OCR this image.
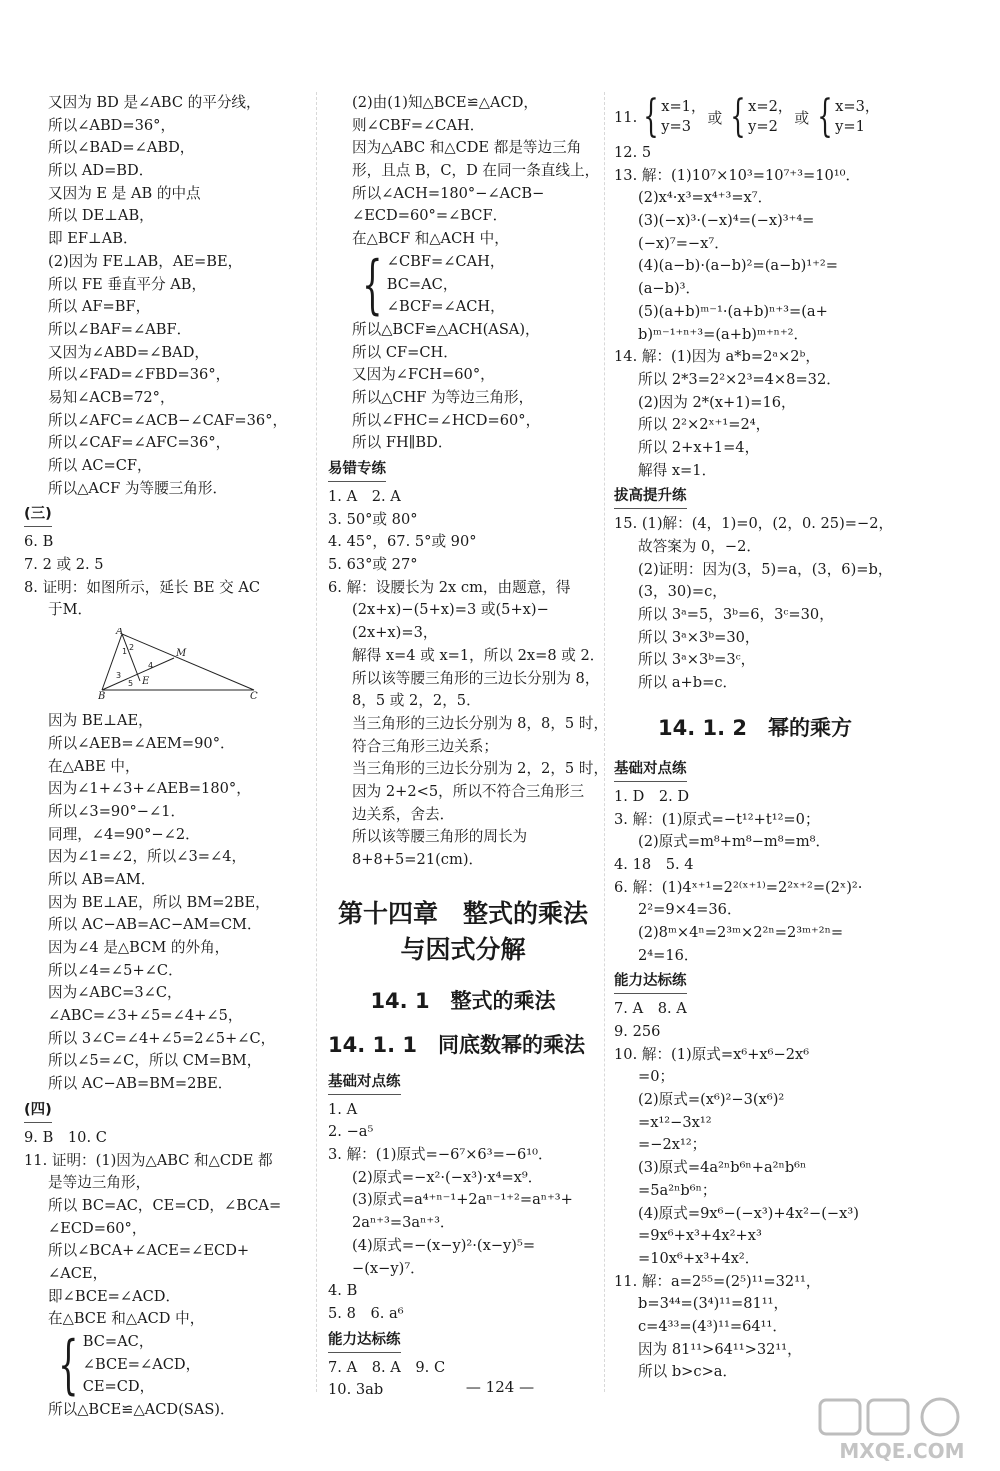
又因为 BD 是∠ABC 的平分线，
所以∠ABD=36°，
所以∠BAD=∠ABD，
所以 AD=BD．
又因为 E 是 AB 的中点
所以 DE⊥AB，
即 EF⊥AB．
(2)因为 FE⊥AB，AE=BE，
所以 FE 垂直平分 AB，
所以 AF=BF，
所以∠BAF=∠ABF．
又因为∠ABD=∠BAD，
所以∠FAD=∠FBD=36°，
易知∠ACB=72°，
所以∠AFC=∠ACB−∠CAF=36°，
所以∠CAF=∠AFC=36°，
所以 AC=CF，
所以△ACF 为等腰三角形．
(三)
6. B
7. 2 或 2. 5
8. 证明：如图所示，延长 BE 交 AC
于M．
A
M
B	C
E
1 2
3
4
5
因为 BE⊥AE，
所以∠AEB=∠AEM=90°．
在△ABE 中，
因为∠1+∠3+∠AEB=180°，
所以∠3=90°−∠1．
同理，∠4=90°−∠2．
因为∠1=∠2，所以∠3=∠4，
所以 AB=AM．
因为 BE⊥AE，所以 BM=2BE，
所以 AC−AB=AC−AM=CM．
因为∠4 是△BCM 的外角，
所以∠4=∠5+∠C．
因为∠ABC=3∠C，
∠ABC=∠3+∠5=∠4+∠5，
所以 3∠C=∠4+∠5=2∠5+∠C，
所以∠5=∠C，所以 CM=BM，
所以 AC−AB=BM=2BE．
(四)
9. B　10. C
11. 证明：(1)因为△ABC 和△CDE 都
是等边三角形，
所以 BC=AC，CE=CD，∠BCA=
∠ECD=60°，
所以∠BCA+∠ACE=∠ECD+
∠ACE，
即∠BCE=∠ACD．
在△BCE 和△ACD 中，
{ BC=AC，
∠BCE=∠ACD，
CE=CD，
所以△BCE≌△ACD(SAS)．
(2)由(1)知△BCE≌△ACD，
则∠CBF=∠CAH．
因为△ABC 和△CDE 都是等边三角
形，且点 B，C，D 在同一条直线上，
所以∠ACH=180°−∠ACB−
∠ECD=60°=∠BCF．
在△BCF 和△ACH 中，
{ ∠CBF=∠CAH，
BC=AC，
∠BCF=∠ACH，
所以△BCF≌△ACH(ASA)，
所以 CF=CH．
又因为∠FCH=60°，
所以△CHF 为等边三角形，
所以∠FHC=∠HCD=60°，
所以 FH∥BD．
易错专练
1. A　2. A
3. 50°或 80°
4. 45°，67. 5°或 90°
5. 63°或 27°
6. 解：设腰长为 2x cm，由题意，得
(2x+x)−(5+x)=3 或(5+x)−
(2x+x)=3，
解得 x=4 或 x=1，所以 2x=8 或 2．
所以该等腰三角形的三边长分别为 8，
8，5 或 2，2，5．
当三角形的三边长分别为 8，8，5 时，
符合三角形三边关系；
当三角形的三边长分别为 2，2，5 时，
因为 2+2<5，所以不符合三角形三
边关系，舍去．
所以该等腰三角形的周长为
8+8+5=21(cm)．
第十四章　整式的乘法
与因式分解
14. 1　整式的乘法
14. 1. 1　同底数幂的乘法
基础对点练
1. A
2. −a⁵
3. 解：(1)原式=−6⁷×6³=−6¹⁰．
(2)原式=−x²·(−x³)·x⁴=x⁹．
(3)原式=a⁴⁺ⁿ⁻¹+2aⁿ⁻¹⁺²=aⁿ⁺³+
2aⁿ⁺³=3aⁿ⁺³．
(4)原式=−(x−y)²·(x−y)⁵=
−(x−y)⁷．
4. B
5. 8　6. a⁶
能力达标练
7. A　8. A　9. C
10. 3ab
11. { x=1，
y=3	或 { x=2，
y=2	或 { x=3，
y=1
12. 5
13. 解：(1)10⁷×10³=10⁷⁺³=10¹⁰．
(2)x⁴·x³=x⁴⁺³=x⁷．
(3)(−x)³·(−x)⁴=(−x)³⁺⁴=
(−x)⁷=−x⁷．
(4)(a−b)·(a−b)²=(a−b)¹⁺²=
(a−b)³．
(5)(a+b)ᵐ⁻¹·(a+b)ⁿ⁺³=(a+
b)ᵐ⁻¹⁺ⁿ⁺³=(a+b)ᵐ⁺ⁿ⁺²．
14. 解：(1)因为 a*b=2ᵃ×2ᵇ，
所以 2*3=2²×2³=4×8=32．
(2)因为 2*(x+1)=16，
所以 2²×2ˣ⁺¹=2⁴，
所以 2+x+1=4，
解得 x=1．
拔高提升练
15. (1)解：(4，1)=0，(2，0. 25)=−2，
故答案为 0，−2．
(2)证明：因为(3，5)=a，(3，6)=b，
(3，30)=c，
所以 3ᵃ=5，3ᵇ=6，3ᶜ=30，
所以 3ᵃ×3ᵇ=30，
所以 3ᵃ×3ᵇ=3ᶜ，
所以 a+b=c．
14. 1. 2　幂的乘方
基础对点练
1. D　2. D
3. 解：(1)原式=−t¹²+t¹²=0；
(2)原式=m⁸+m⁸−m⁸=m⁸．
4. 18　5. 4
6. 解：(1)4ˣ⁺¹=2²⁽ˣ⁺¹⁾=2²ˣ⁺²=(2ˣ)²·
2²=9×4=36．
(2)8ᵐ×4ⁿ=2³ᵐ×2²ⁿ=2³ᵐ⁺²ⁿ=
2⁴=16．
能力达标练
7. A　8. A
9. 256
10. 解：(1)原式=x⁶+x⁶−2x⁶
=0；
(2)原式=(x⁶)²−3(x⁶)²
=x¹²−3x¹²
=−2x¹²；
(3)原式=4a²ⁿb⁶ⁿ+a²ⁿb⁶ⁿ
=5a²ⁿb⁶ⁿ；
(4)原式=9x⁶−(−x³)+4x²−(−x³)
=9x⁶+x³+4x²+x³
=10x⁶+x³+4x²．
11. 解：a=2⁵⁵=(2⁵)¹¹=32¹¹，
b=3⁴⁴=(3⁴)¹¹=81¹¹，
c=4³³=(4³)¹¹=64¹¹．
因为 81¹¹>64¹¹>32¹¹，
所以 b>c>a．
— 124 —
MXQE.COM
